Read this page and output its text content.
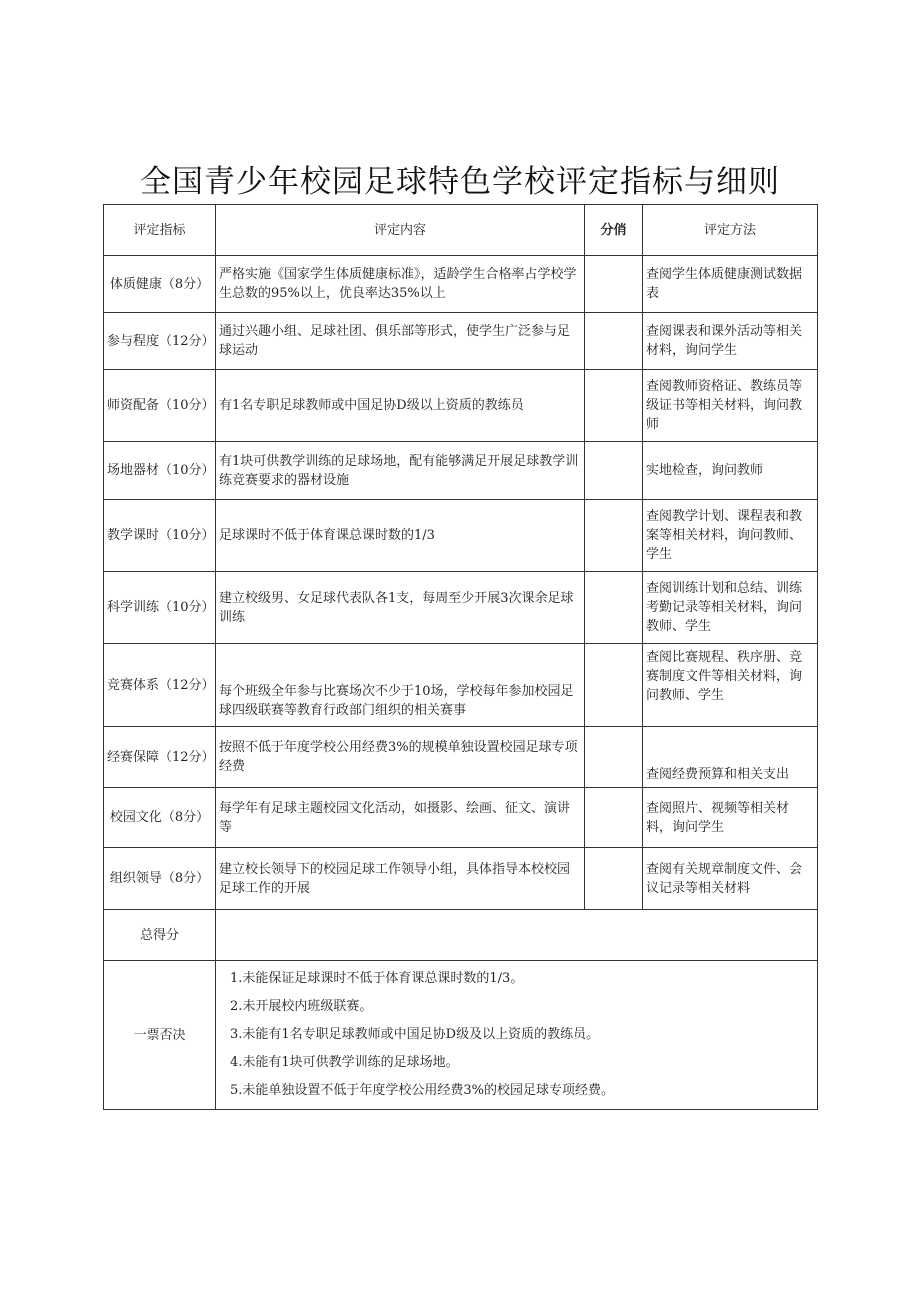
全国青少年校园足球特色学校评定指标与细则
评定指标	评定内容	分俏	评定方法
体质健康（8分）	严格实施《国家学生体质健康标准》，适龄学生合格率占学校学生总数的95%以上，优良率达35%以上		查阅学生体质健康测试数据表
参与程度（12分）	通过兴趣小组、足球社团、俱乐部等形式，使学生广泛参与足球运动		查阅课表和课外活动等相关材料，询问学生
师资配备（10分）	有1名专职足球教师或中国足协D级以上资质的教练员		查阅教师资格证、教练员等级证书等相关材料，询问教师
场地器材（10分）	有1块可供教学训练的足球场地，配有能够满足开展足球教学训练竞赛要求的器材设施		实地检查，询问教师
教学课时（10分）	足球课时不低于体育课总课时数的1/3		查阅教学计划、课程表和教案等相关材料，询问教师、学生
科学训练（10分）	建立校级男、女足球代表队各1支，每周至少开展3次课余足球训练		查阅训练计划和总结、训练考勤记录等相关材料，询问教师、学生
竞赛体系（12分）	每个班级全年参与比赛场次不少于10场，学校每年参加校园足球四级联赛等教育行政部门组织的相关赛事		查阅比赛规程、秩序册、竞赛制度文件等相关材料，询问教师、学生
经赛保障（12分）	按照不低于年度学校公用经费3%的规模单独设置校园足球专项经费		查阅经费预算和相关支出
校园文化（8分）	每学年有足球主题校园文化活动，如摄影、绘画、征文、演讲等		查阅照片、视频等相关材料，询问学生
组织领导（8分）	建立校长领导下的校园足球工作领导小组，具体指导本校校园足球工作的开展		查阅有关规章制度文件、会议记录等相关材料
总得分			
一票否决	1.未能保证足球课时不低于体育课总课时数的1/3。
2.未开展校内班级联赛。
3.未能有1名专职足球教师或中国足协D级及以上资质的教练员。
4.未能有1块可供教学训练的足球场地。
5.未能单独设置不低于年度学校公用经费3%的校园足球专项经费。		
